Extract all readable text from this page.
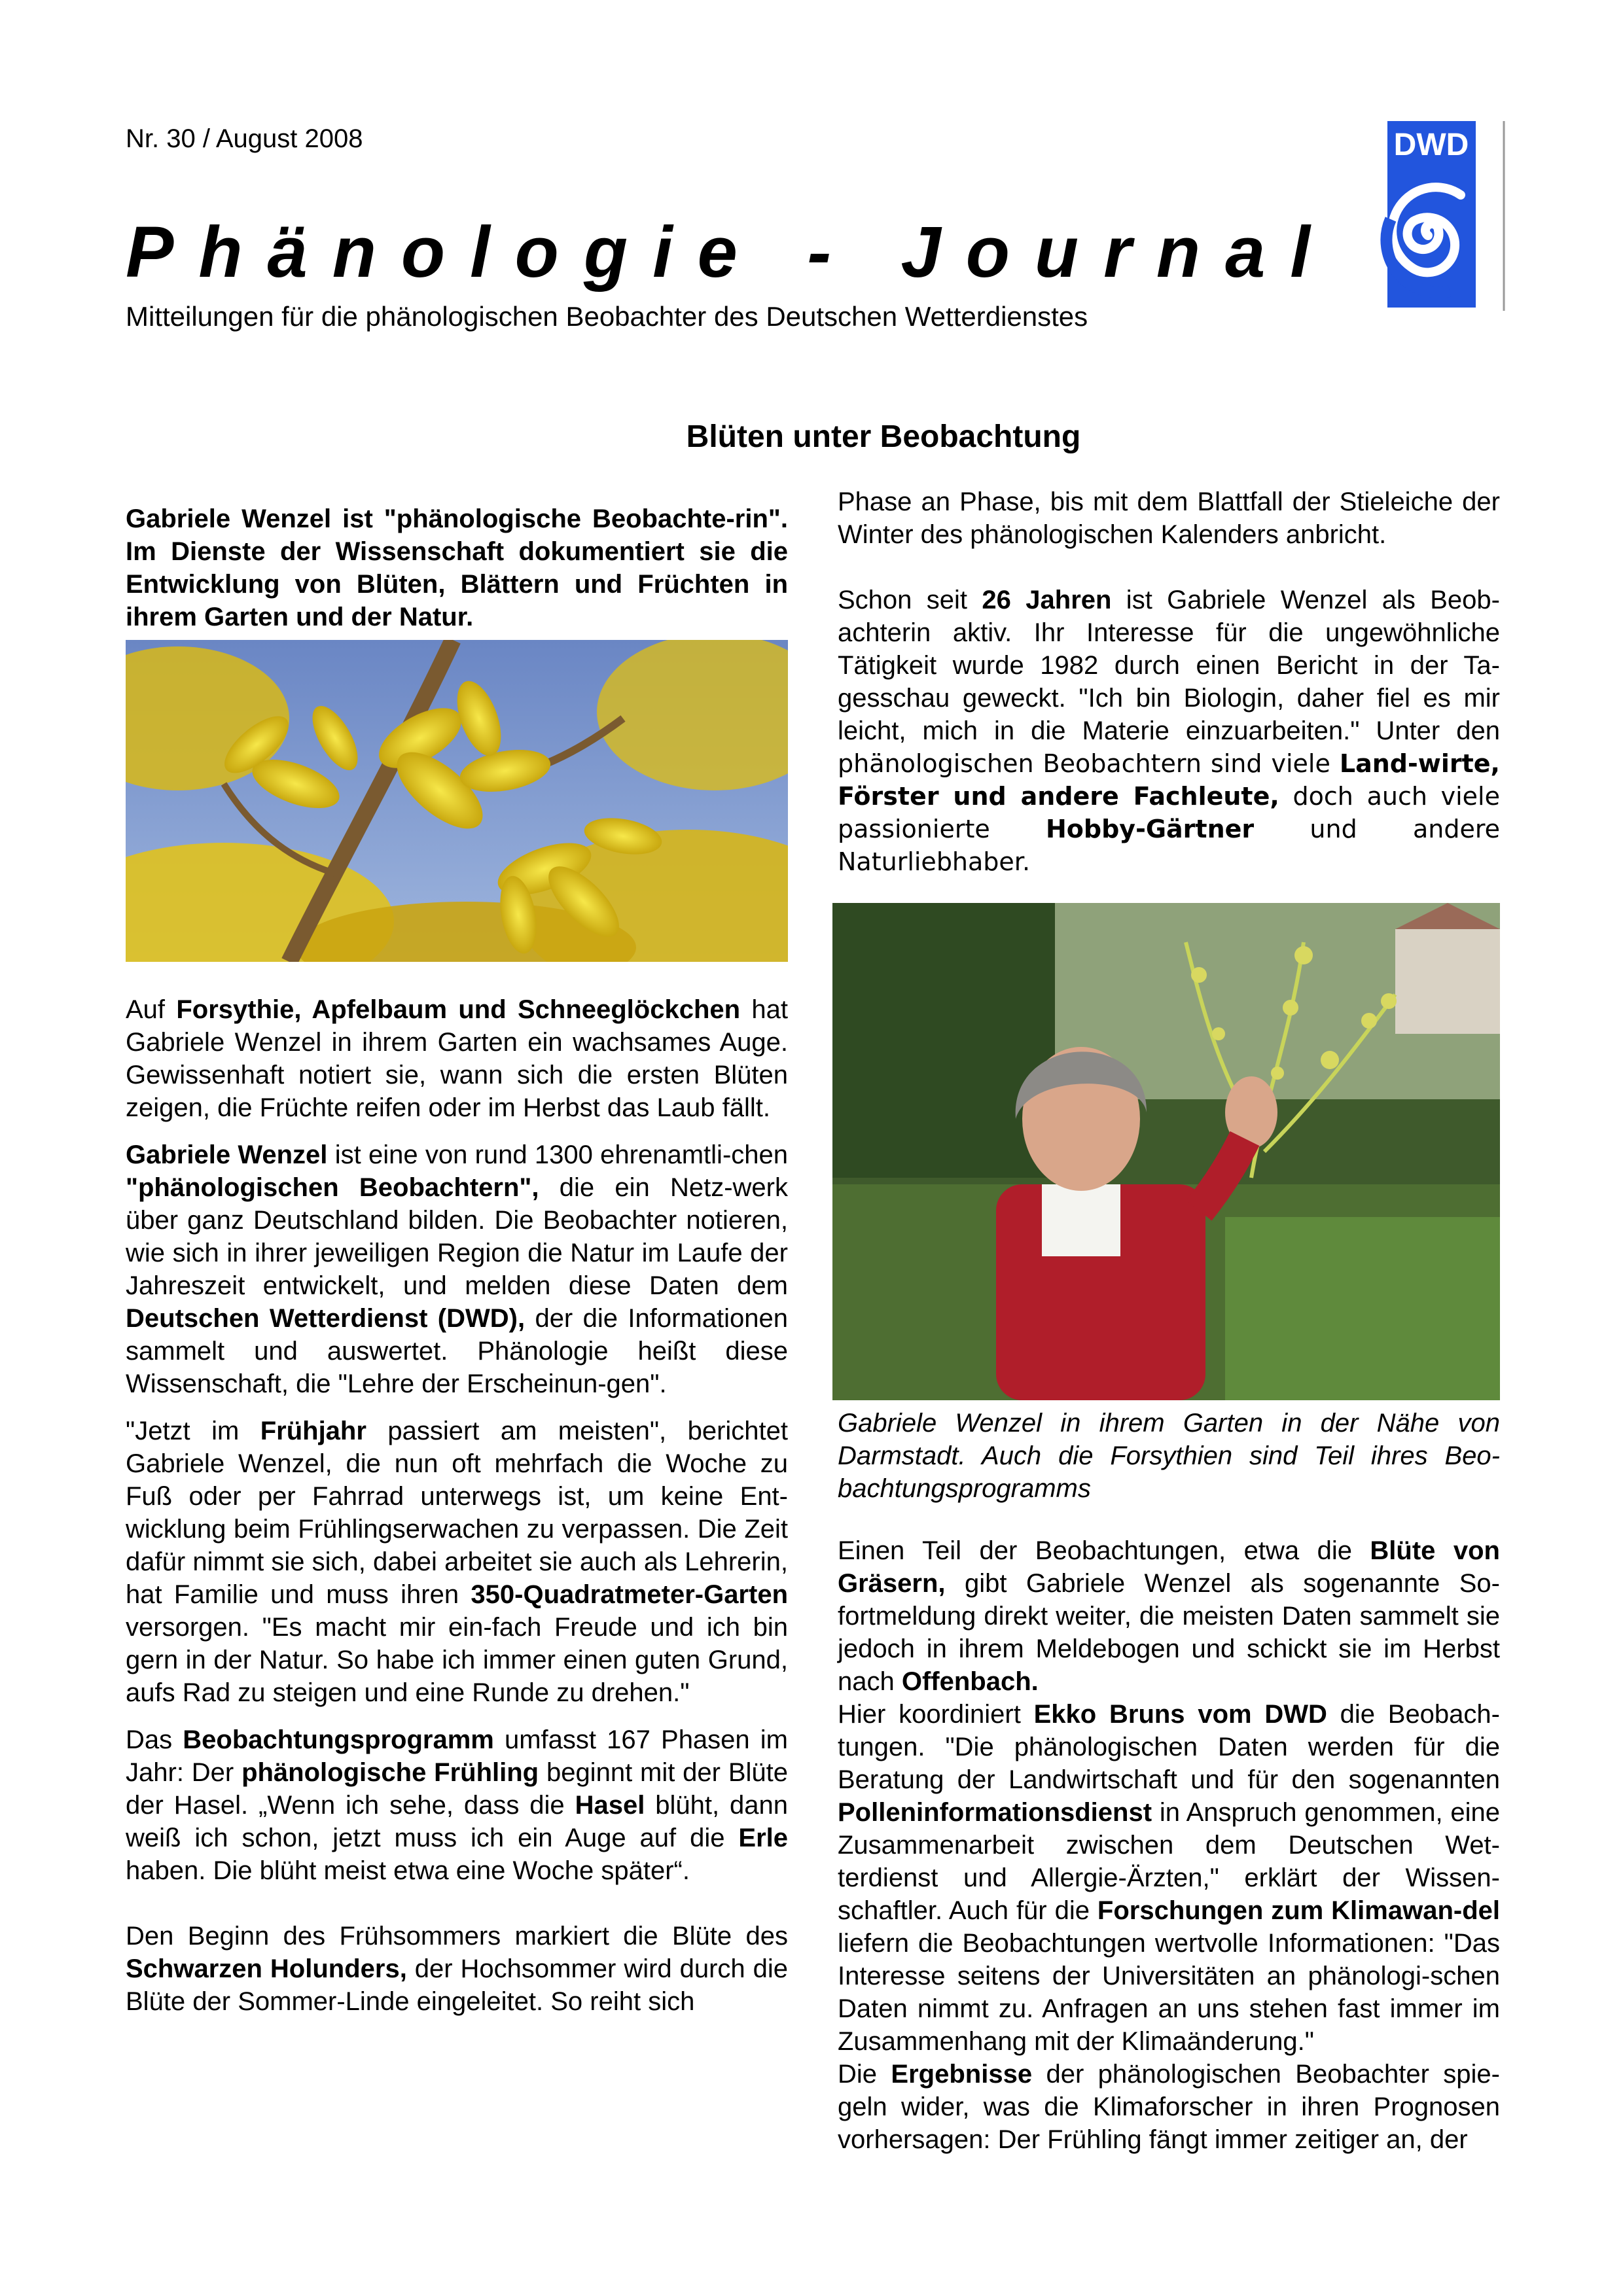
Nr. 30 / August 2008
Phänologie - Journal
Mitteilungen für die phänologischen Beobachter des Deutschen Wetterdienstes
DWD
Blüten unter Beobachtung
Gabriele Wenzel ist "phänologische Beobachte-rin". Im Dienste der Wissenschaft dokumentiert sie die Entwicklung von Blüten, Blättern und Früchten in ihrem Garten und der Natur.

Auf Forsythie, Apfelbaum und Schneeglöckchen hat Gabriele Wenzel in ihrem Garten ein wachsames Auge. Gewissenhaft notiert sie, wann sich die ersten Blüten zeigen, die Früchte reifen oder im Herbst das Laub fällt.

Gabriele Wenzel ist eine von rund 1300 ehrenamtli-chen "phänologischen Beobachtern", die ein Netz-werk über ganz Deutschland bilden. Die Beobachter notieren, wie sich in ihrer jeweiligen Region die Natur im Laufe der Jahreszeit entwickelt, und melden diese Daten dem Deutschen Wetterdienst (DWD), der die Informationen sammelt und auswertet. Phänologie heißt diese Wissenschaft, die "Lehre der Erscheinun-gen".

"Jetzt im Frühjahr passiert am meisten", berichtet Gabriele Wenzel, die nun oft mehrfach die Woche zu Fuß oder per Fahrrad unterwegs ist, um keine Ent-wicklung beim Frühlingserwachen zu verpassen. Die Zeit dafür nimmt sie sich, dabei arbeitet sie auch als Lehrerin, hat Familie und muss ihren 350-Quadratmeter-Garten versorgen. "Es macht mir ein-fach Freude und ich bin gern in der Natur. So habe ich immer einen guten Grund, aufs Rad zu steigen und eine Runde zu drehen."

Das Beobachtungsprogramm umfasst 167 Phasen im Jahr: Der phänologische Frühling beginnt mit der Blüte der Hasel. „Wenn ich sehe, dass die Hasel blüht, dann weiß ich schon, jetzt muss ich ein Auge auf die Erle haben. Die blüht meist etwa eine Woche später“.

Den Beginn des Frühsommers markiert die Blüte des Schwarzen Holunders, der Hochsommer wird durch die Blüte der Sommer-Linde eingeleitet. So reiht sich

Phase an Phase, bis mit dem Blattfall der Stieleiche der Winter des phänologischen Kalenders anbricht.

Schon seit 26 Jahren ist Gabriele Wenzel als Beob-achterin aktiv. Ihr Interesse für die ungewöhnliche Tätigkeit wurde 1982 durch einen Bericht in der Ta-gesschau geweckt. "Ich bin Biologin, daher fiel es mir leicht, mich in die Materie einzuarbeiten." Unter den phänologischen Beobachtern sind viele Land-wirte, Förster und andere Fachleute, doch auch viele passionierte Hobby-Gärtner und andere Naturliebhaber.

Gabriele Wenzel in ihrem Garten in der Nähe von Darmstadt. Auch die Forsythien sind Teil ihres Beo-bachtungsprogramms

Einen Teil der Beobachtungen, etwa die Blüte von Gräsern, gibt Gabriele Wenzel als sogenannte So-fortmeldung direkt weiter, die meisten Daten sammelt sie jedoch in ihrem Meldebogen und schickt sie im Herbst nach Offenbach.

Hier koordiniert Ekko Bruns vom DWD die Beobach-tungen. "Die phänologischen Daten werden für die Beratung der Landwirtschaft und für den sogenannten Polleninformationsdienst in Anspruch genommen, eine Zusammenarbeit zwischen dem Deutschen Wet-terdienst und Allergie-Ärzten," erklärt der Wissen-schaftler. Auch für die Forschungen zum Klimawan-del liefern die Beobachtungen wertvolle Informationen: "Das Interesse seitens der Universitäten an phänologi-schen Daten nimmt zu. Anfragen an uns stehen fast immer im Zusammenhang mit der Klimaänderung."

Die Ergebnisse der phänologischen Beobachter spie-geln wider, was die Klimaforscher in ihren Prognosen vorhersagen: Der Frühling fängt immer zeitiger an, der
